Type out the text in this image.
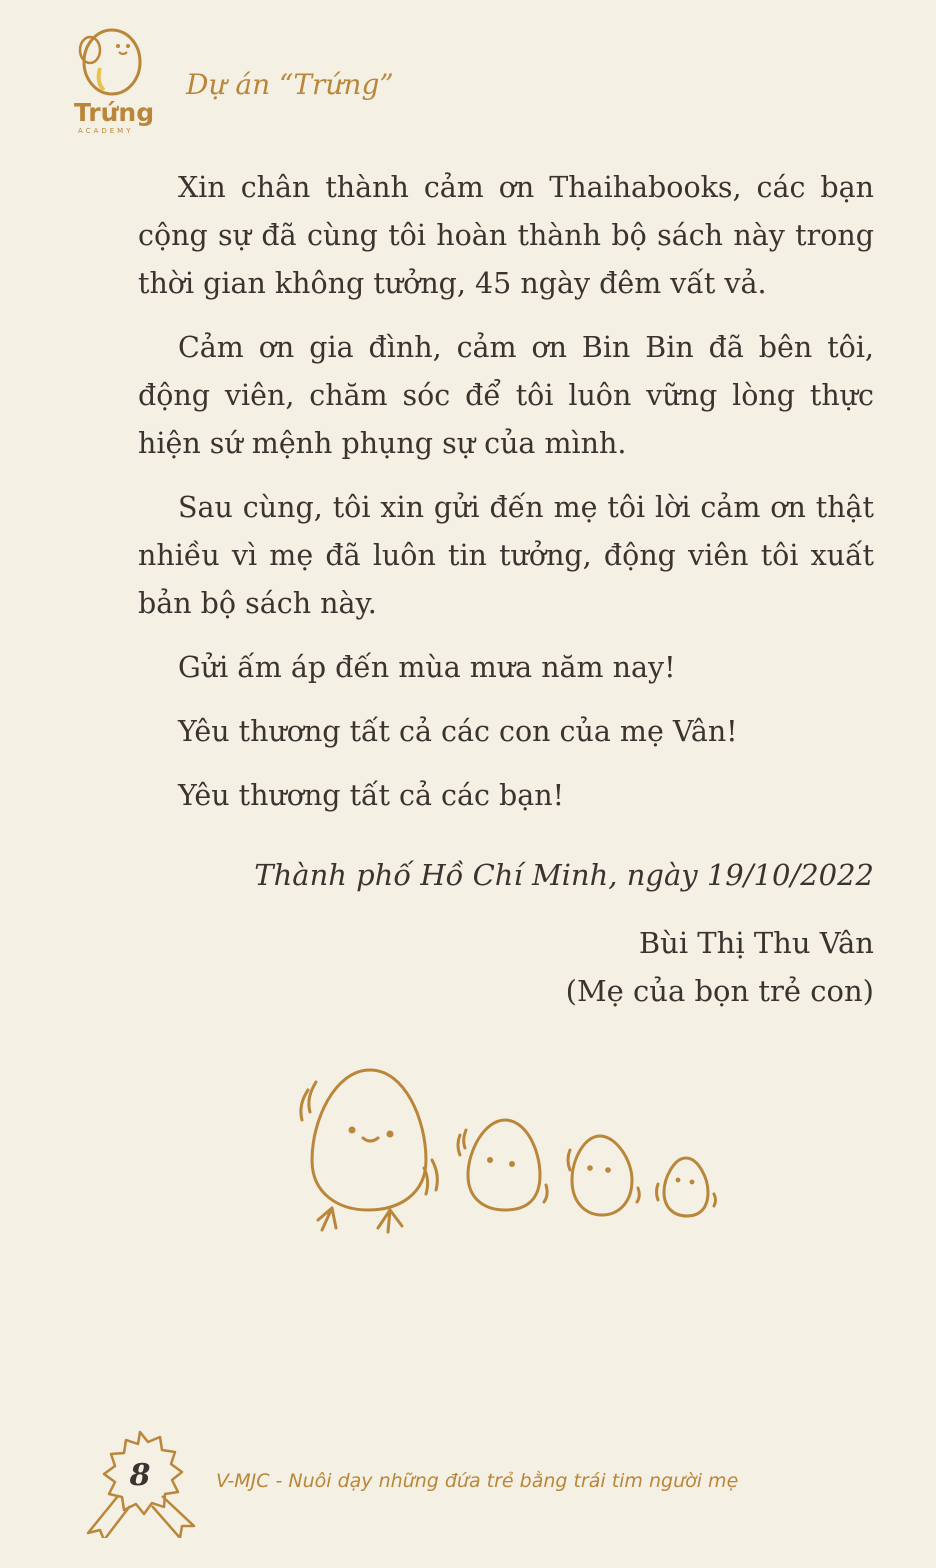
Trứng
ACADEMY
Dự án “Trứng”

Xin chân thành cảm ơn Thaihabooks, các bạn cộng sự đã cùng tôi hoàn thành bộ sách này trong thời gian không tưởng, 45 ngày đêm vất vả.

Cảm ơn gia đình, cảm ơn Bin Bin đã bên tôi, động viên, chăm sóc để tôi luôn vững lòng thực hiện sứ mệnh phụng sự của mình.

Sau cùng, tôi xin gửi đến mẹ tôi lời cảm ơn thật nhiều vì mẹ đã luôn tin tưởng, động viên tôi xuất bản bộ sách này.

Gửi ấm áp đến mùa mưa năm nay!

Yêu thương tất cả các con của mẹ Vân!

Yêu thương tất cả các bạn!

Thành phố Hồ Chí Minh, ngày 19/10/2022
Bùi Thị Thu Vân
(Mẹ của bọn trẻ con)
8	V-MJC - Nuôi dạy những đứa trẻ bằng trái tim người mẹ
